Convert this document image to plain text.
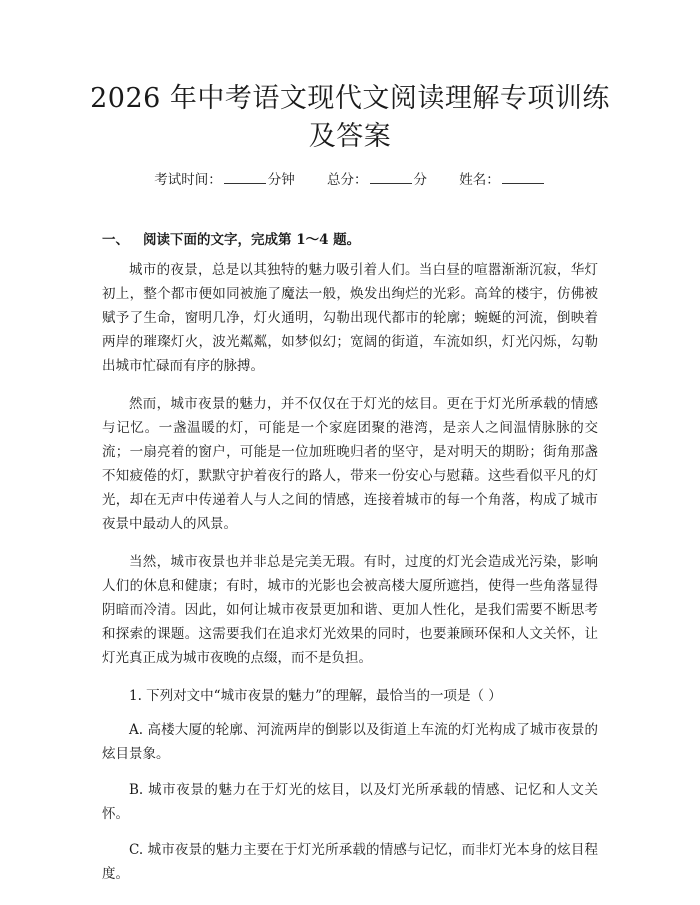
2026 年中考语文现代文阅读理解专项训练及答案
考试时间：	分钟 总分：	分 姓名：
一、 阅读下面的文字，完成第 1～4 题。

城市的夜景，总是以其独特的魅力吸引着人们。当白昼的喧嚣渐渐沉寂，华灯初上，整个都市便如同被施了魔法一般，焕发出绚烂的光彩。高耸的楼宇，仿佛被赋予了生命，窗明几净，灯火通明，勾勒出现代都市的轮廓；蜿蜒的河流，倒映着两岸的璀璨灯火，波光粼粼，如梦似幻；宽阔的街道，车流如织，灯光闪烁，勾勒出城市忙碌而有序的脉搏。

然而，城市夜景的魅力，并不仅仅在于灯光的炫目。更在于灯光所承载的情感与记忆。一盏温暖的灯，可能是一个家庭团聚的港湾，是亲人之间温情脉脉的交流；一扇亮着的窗户，可能是一位加班晚归者的坚守，是对明天的期盼；街角那盏不知疲倦的灯，默默守护着夜行的路人，带来一份安心与慰藉。这些看似平凡的灯光，却在无声中传递着人与人之间的情感，连接着城市的每一个角落，构成了城市夜景中最动人的风景。

当然，城市夜景也并非总是完美无瑕。有时，过度的灯光会造成光污染，影响人们的休息和健康；有时，城市的光影也会被高楼大厦所遮挡，使得一些角落显得阴暗而冷清。因此，如何让城市夜景更加和谐、更加人性化，是我们需要不断思考和探索的课题。这需要我们在追求灯光效果的同时，也要兼顾环保和人文关怀，让灯光真正成为城市夜晚的点缀，而不是负担。

1. 下列对文中“城市夜景的魅力”的理解，最恰当的一项是（ ）

A. 高楼大厦的轮廓、河流两岸的倒影以及街道上车流的灯光构成了城市夜景的炫目景象。

B. 城市夜景的魅力在于灯光的炫目，以及灯光所承载的情感、记忆和人文关怀。

C. 城市夜景的魅力主要在于灯光所承载的情感与记忆，而非灯光本身的炫目程度。
